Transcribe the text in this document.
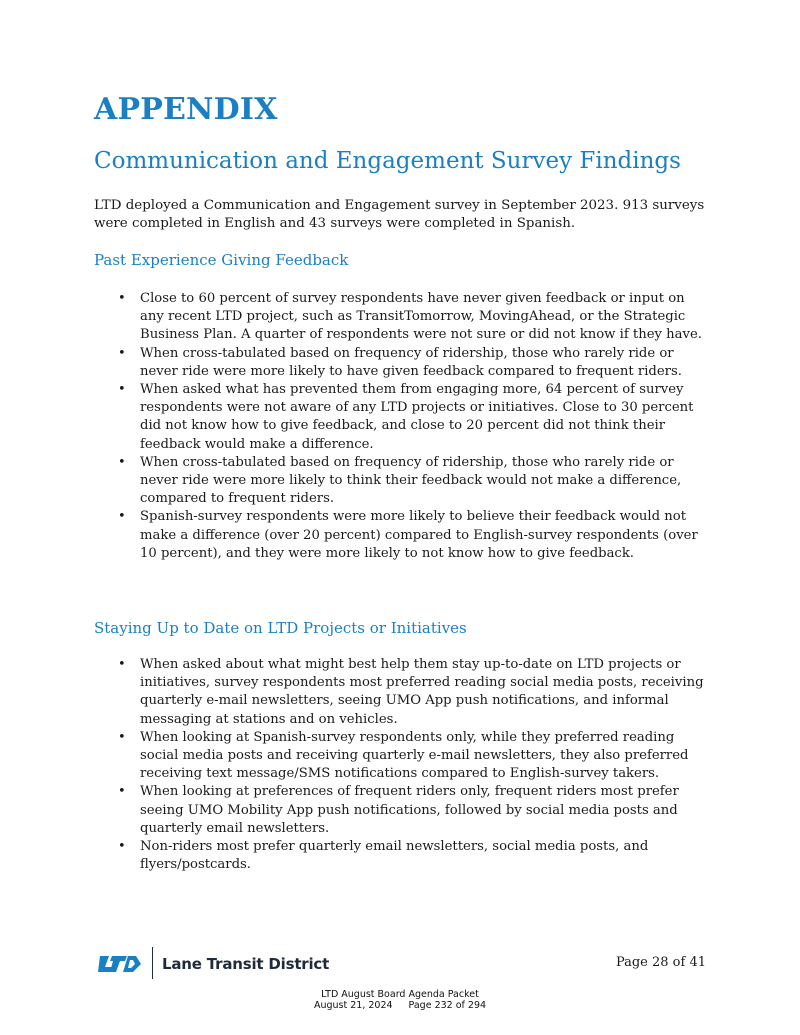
APPENDIX
Communication and Engagement Survey Findings

LTD deployed a Communication and Engagement survey in September 2023. 913 surveys were completed in English and 43 surveys were completed in Spanish.

Past Experience Giving Feedback
• Close to 60 percent of survey respondents have never given feedback or input on any recent LTD project, such as TransitTomorrow, MovingAhead, or the Strategic Business Plan. A quarter of respondents were not sure or did not know if they have.
• When cross-tabulated based on frequency of ridership, those who rarely ride or never ride were more likely to have given feedback compared to frequent riders.
• When asked what has prevented them from engaging more, 64 percent of survey respondents were not aware of any LTD projects or initiatives. Close to 30 percent did not know how to give feedback, and close to 20 percent did not think their feedback would make a difference.
• When cross-tabulated based on frequency of ridership, those who rarely ride or never ride were more likely to think their feedback would not make a difference, compared to frequent riders.
• Spanish-survey respondents were more likely to believe their feedback would not make a difference (over 20 percent) compared to English-survey respondents (over 10 percent), and they were more likely to not know how to give feedback.
Staying Up to Date on LTD Projects or Initiatives
• When asked about what might best help them stay up-to-date on LTD projects or initiatives, survey respondents most preferred reading social media posts, receiving quarterly e-mail newsletters, seeing UMO App push notifications, and informal messaging at stations and on vehicles.
• When looking at Spanish-survey respondents only, while they preferred reading social media posts and receiving quarterly e-mail newsletters, they also preferred receiving text message/SMS notifications compared to English-survey takers.
• When looking at preferences of frequent riders only, frequent riders most prefer seeing UMO Mobility App push notifications, followed by social media posts and quarterly email newsletters.
• Non-riders most prefer quarterly email newsletters, social media posts, and flyers/postcards.
LTD

Lane Transit District	Page 28 of 41

LTD August Board Agenda Packet
August 21, 2024 Page 232 of 294
